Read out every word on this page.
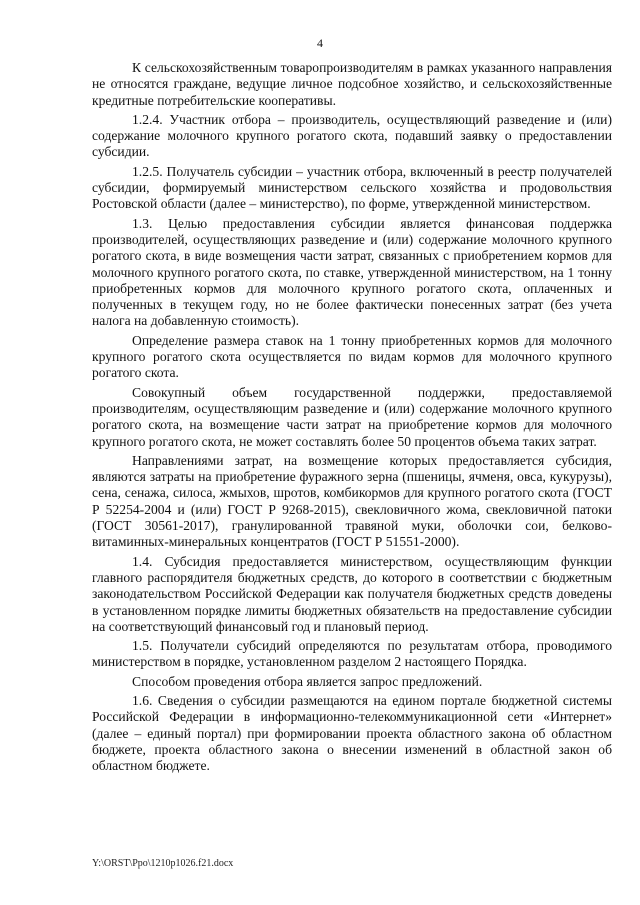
4

К сельскохозяйственным товаропроизводителям в рамках указанного направления не относятся граждане, ведущие личное подсобное хозяйство, и сельскохозяйственные кредитные потребительские кооперативы.

1.2.4. Участник отбора – производитель, осуществляющий разведение и (или) содержание молочного крупного рогатого скота, подавший заявку о предоставлении субсидии.

1.2.5. Получатель субсидии – участник отбора, включенный в реестр получателей субсидии, формируемый министерством сельского хозяйства и продовольствия Ростовской области (далее – министерство), по форме, утвержденной министерством.

1.3. Целью предоставления субсидии является финансовая поддержка производителей, осуществляющих разведение и (или) содержание молочного крупного рогатого скота, в виде возмещения части затрат, связанных с приобретением кормов для молочного крупного рогатого скота, по ставке, утвержденной министерством, на 1 тонну приобретенных кормов для молочного крупного рогатого скота, оплаченных и полученных в текущем году, но не более фактически понесенных затрат (без учета налога на добавленную стоимость).

Определение размера ставок на 1 тонну приобретенных кормов для молочного крупного рогатого скота осуществляется по видам кормов для молочного крупного рогатого скота.

Совокупный объем государственной поддержки, предоставляемой производителям, осуществляющим разведение и (или) содержание молочного крупного рогатого скота, на возмещение части затрат на приобретение кормов для молочного крупного рогатого скота, не может составлять более 50 процентов объема таких затрат.

Направлениями затрат, на возмещение которых предоставляется субсидия, являются затраты на приобретение фуражного зерна (пшеницы, ячменя, овса, кукурузы), сена, сенажа, силоса, жмыхов, шротов, комбикормов для крупного рогатого скота (ГОСТ Р 52254-2004 и (или) ГОСТ Р 9268-2015), свекловичного жома, свекловичной патоки (ГОСТ 30561-2017), гранулированной травяной муки, оболочки сои, белково-витаминных-минеральных концентратов (ГОСТ Р 51551-2000).

1.4. Субсидия предоставляется министерством, осуществляющим функции главного распорядителя бюджетных средств, до которого в соответствии с бюджетным законодательством Российской Федерации как получателя бюджетных средств доведены в установленном порядке лимиты бюджетных обязательств на предоставление субсидии на соответствующий финансовый год и плановый период.

1.5. Получатели субсидий определяются по результатам отбора, проводимого министерством в порядке, установленном разделом 2 настоящего Порядка.

Способом проведения отбора является запрос предложений.

1.6. Сведения о субсидии размещаются на едином портале бюджетной системы Российской Федерации в информационно-телекоммуникационной сети «Интернет» (далее – единый портал) при формировании проекта областного закона об областном бюджете, проекта областного закона о внесении изменений в областной закон об областном бюджете.

Y:\ORST\Ppo\1210p1026.f21.docx
